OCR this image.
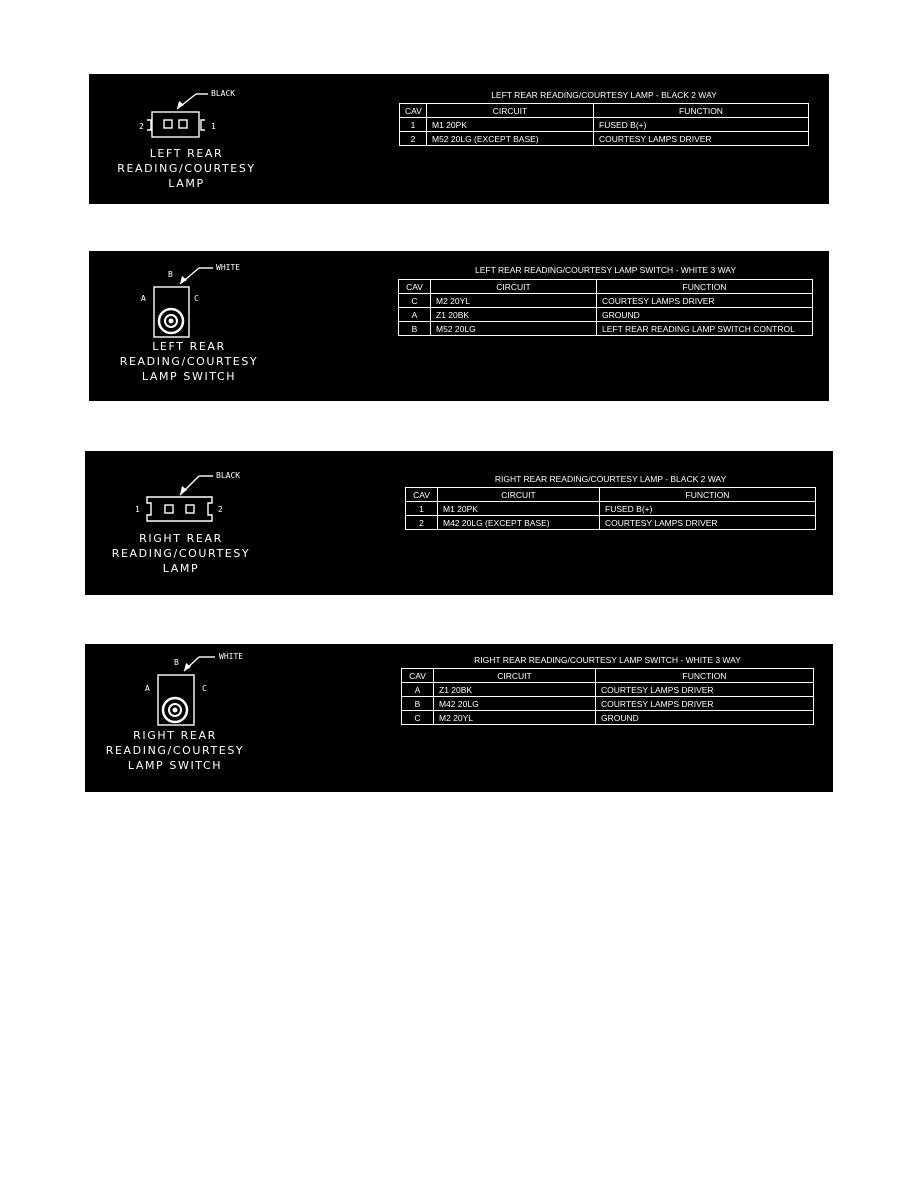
BLACK
2	1
LEFT REAR
READING/COURTESY
LAMP
LEFT REAR READING/COURTESY LAMP - BLACK 2 WAY
CAV	CIRCUIT	FUNCTION
1	M1 20PK	FUSED B(+)
2	M52 20LG (EXCEPT BASE)	COURTESY LAMPS DRIVER
WHITE
B
A	C
LEFT REAR
READING/COURTESY
LAMP SWITCH
LEFT REAR READING/COURTESY LAMP SWITCH - WHITE 3 WAY
CAV	CIRCUIT	FUNCTION
C	M2 20YL	COURTESY LAMPS DRIVER
A	Z1 20BK	GROUND
B	M52 20LG	LEFT REAR READING LAMP SWITCH CONTROL
BLACK
1	2
RIGHT REAR
READING/COURTESY
LAMP
RIGHT REAR READING/COURTESY LAMP - BLACK 2 WAY
CAV	CIRCUIT	FUNCTION
1	M1 20PK	FUSED B(+)
2	M42 20LG (EXCEPT BASE)	COURTESY LAMPS DRIVER
WHITE
B
A	C
RIGHT REAR
READING/COURTESY
LAMP SWITCH
RIGHT REAR READING/COURTESY LAMP SWITCH - WHITE 3 WAY
CAV	CIRCUIT	FUNCTION
A	Z1 20BK	COURTESY LAMPS DRIVER
B	M42 20LG	COURTESY LAMPS DRIVER
C	M2 20YL	GROUND
